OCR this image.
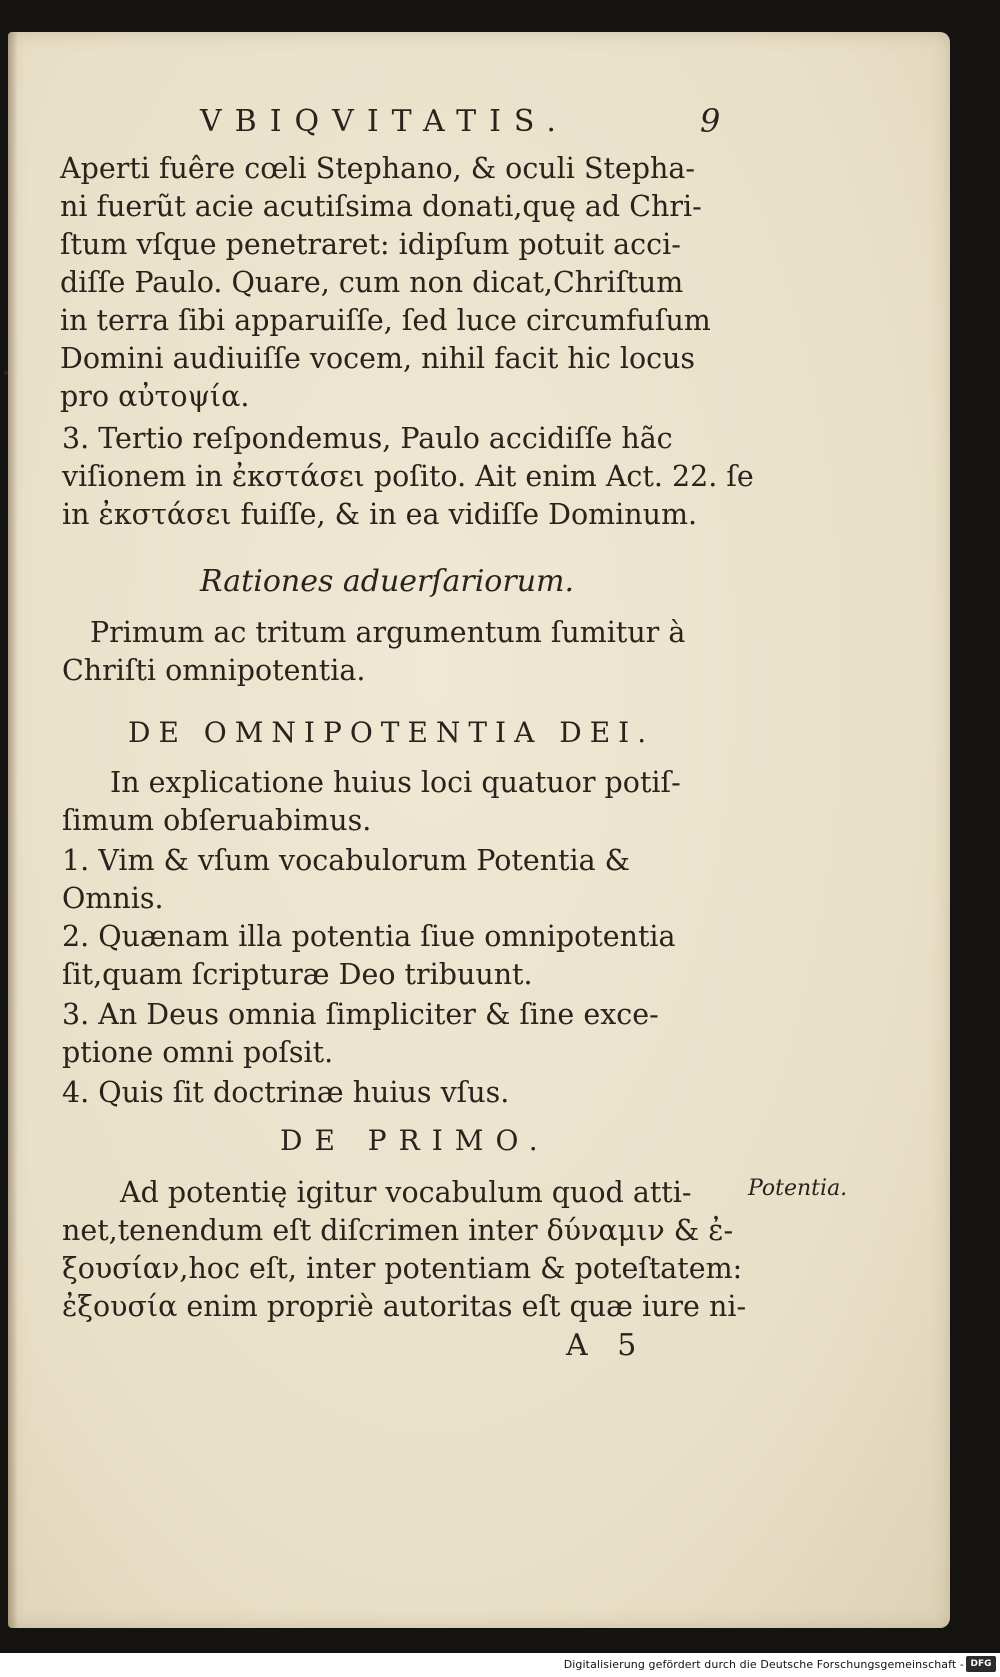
VBIQVITATIS.	9
Aperti fuêre cœli Stephano, & oculi Stepha-
ni fuerũt acie acutiſsima donati,quę ad Chri-
ſtum vſque penetraret: idipſum potuit acci-
diſſe Paulo. Quare, cum non dicat,Chriſtum
in terra ſibi apparuiſſe, ſed luce circumfuſum
Domini audiuiſſe vocem, nihil facit hic locus
pro αὐτοψία.
3. Tertio reſpondemus, Paulo accidiſſe hãc
viſionem in ἐκστάσει poſito. Ait enim Act. 22. ſe
in ἐκστάσει fuiſſe, & in ea vidiſſe Dominum.
Rationes aduerſariorum.
Primum ac tritum argumentum ſumitur à
Chriſti omnipotentia.
DE OMNIPOTENTIA DEI.
In explicatione huius loci quatuor potiſ-
ſimum obſeruabimus.
1. Vim & vſum vocabulorum Potentia &
Omnis.
2. Quænam illa potentia ſiue omnipotentia
ſit,quam ſcripturæ Deo tribuunt.
3. An Deus omnia ſimpliciter & ſine exce-
ptione omni poſsit.
4. Quis ſit doctrinæ huius vſus.
DE PRIMO.
Ad potentię igitur vocabulum quod atti-
net,tenendum eſt diſcrimen inter δύναμιν & ἐ-
ξουσίαν,hoc eſt, inter potentiam & poteſtatem:
ἐξουσία enim propriè autoritas eſt quæ iure ni-
Potentia.
A 5
Digitalisierung gefördert durch die Deutsche Forschungsgemeinschaft - DFG
